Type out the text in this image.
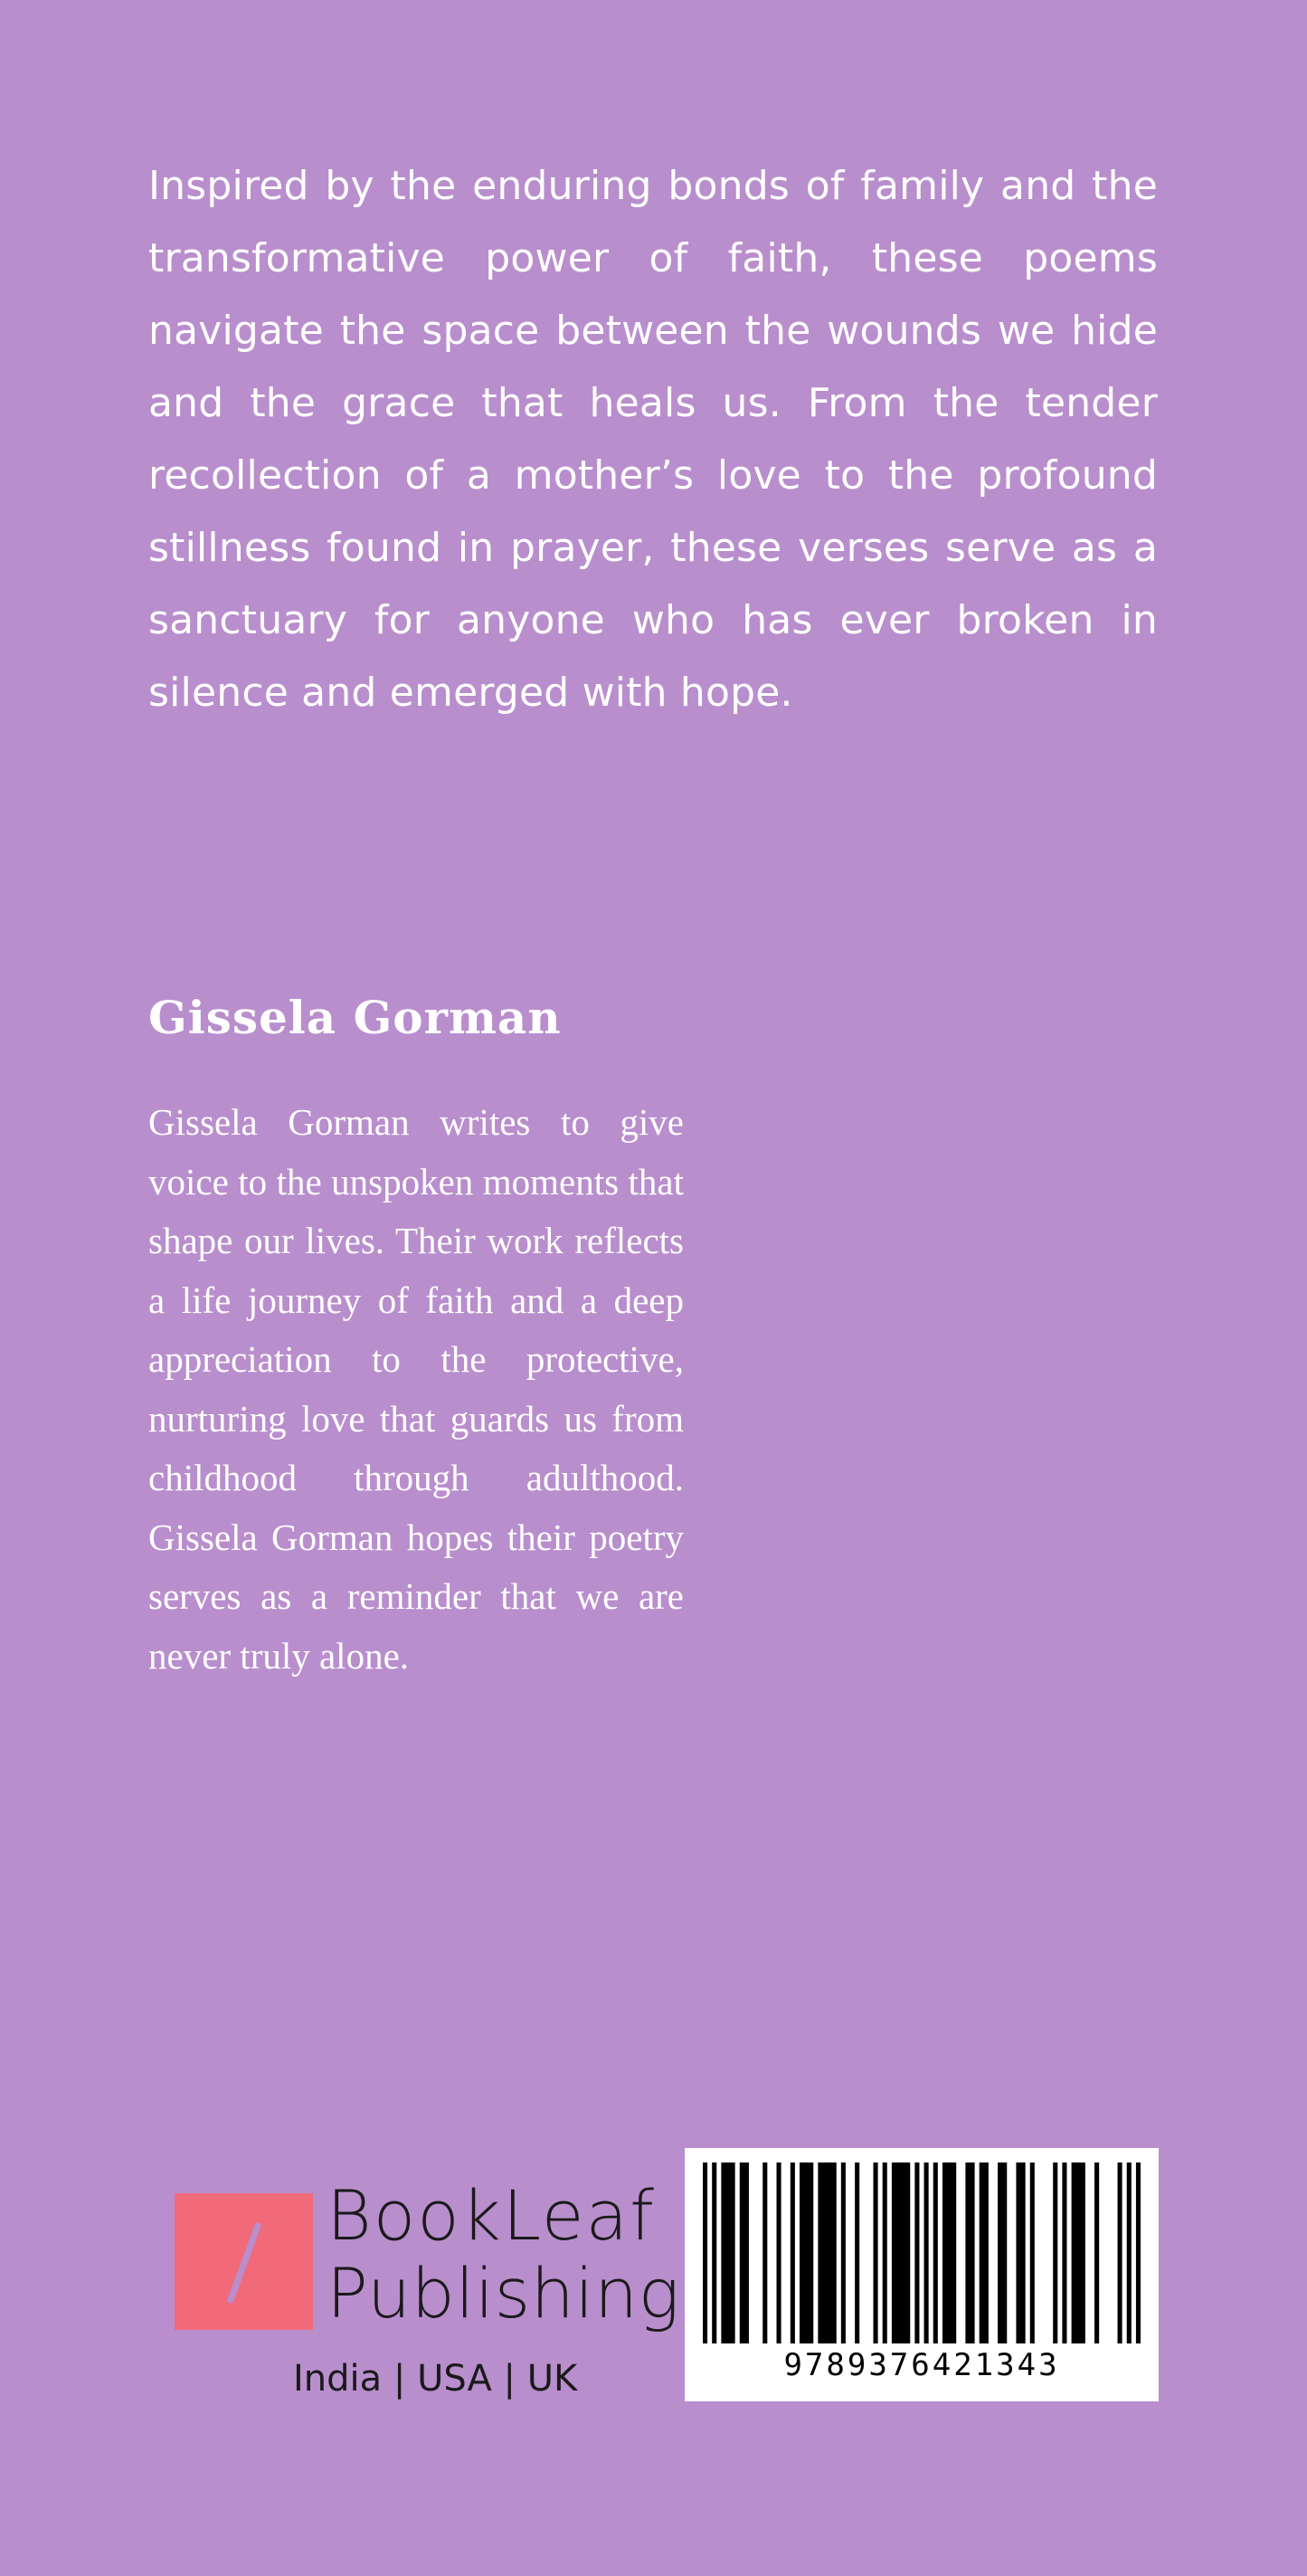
Inspired by the enduring bonds of family and the transformative power of faith, these poems navigate the space between the wounds we hide and the grace that heals us. From the tender recollection of a mother’s love to the profound stillness found in prayer, these verses serve as a sanctuary for anyone who has ever broken in silence and emerged with hope.

Gissela Gorman

Gissela Gorman writes to give voice to the unspoken moments that shape our lives. Their work reflects a life journey of faith and a deep appreciation to the protective, nurturing love that guards us from childhood through adulthood. Gissela Gorman hopes their poetry serves as a reminder that we are never truly alone.

BookLeaf
Publishing
India | USA | UK	9789376421343
